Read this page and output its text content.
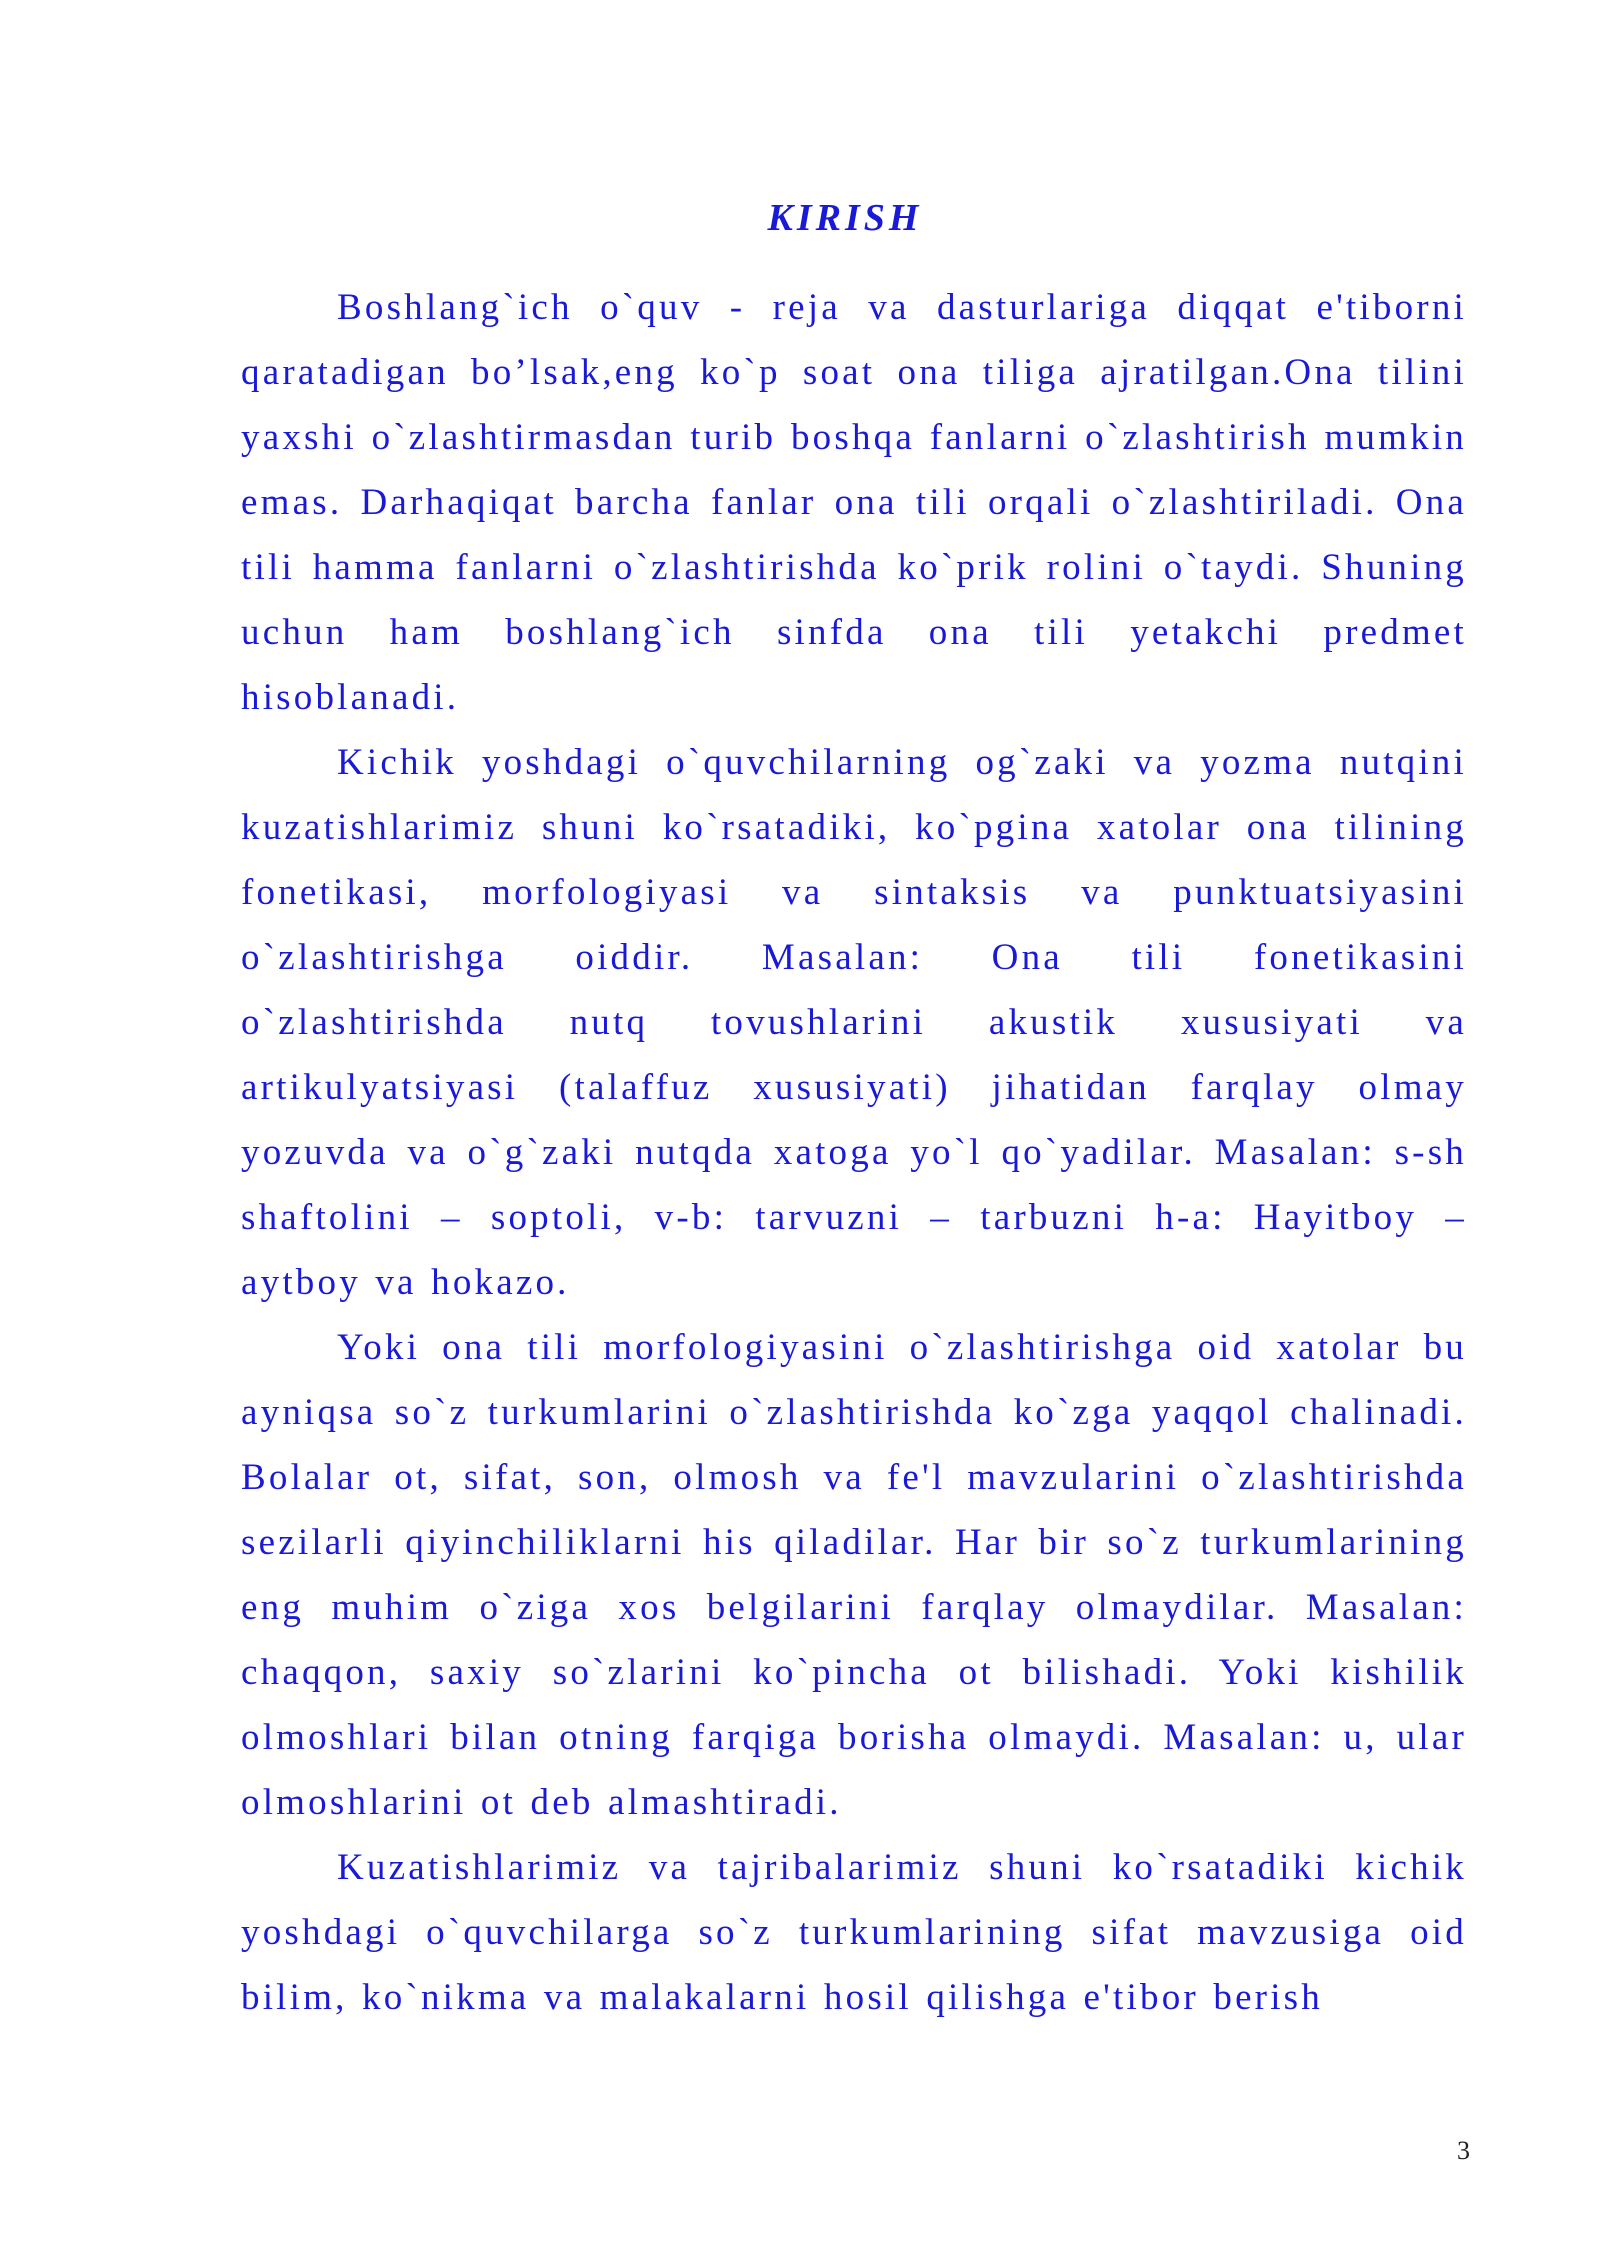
KIRISH

Boshlang`ich o`quv - reja va dasturlariga diqqat e'tiborni qaratadigan bo’lsak,eng ko`p soat ona tiliga ajratilgan.Ona tilini yaxshi o`zlashtirmasdan turib boshqa fanlarni o`zlashtirish mumkin emas. Darhaqiqat barcha fanlar ona tili orqali o`zlashtiriladi. Ona tili hamma fanlarni o`zlashtirishda ko`prik rolini o`taydi. Shuning uchun ham boshlang`ich sinfda ona tili yetakchi predmet hisoblanadi.

Kichik yoshdagi o`quvchilarning og`zaki va yozma nutqini kuzatishlarimiz shuni ko`rsatadiki, ko`pgina xatolar ona tilining fonetikasi, morfologiyasi va sintaksis va punktuatsiyasini o`zlashtirishga oiddir. Masalan: Ona tili fonetikasini o`zlashtirishda nutq tovushlarini akustik xususiyati va artikulyatsiyasi (talaffuz xususiyati) jihatidan farqlay olmay yozuvda va o`g`zaki nutqda xatoga yo`l qo`yadilar. Masalan: s-sh shaftolini – soptoli, v-b: tarvuzni – tarbuzni h-a: Hayitboy – aytboy va hokazo.

Yoki ona tili morfologiyasini o`zlashtirishga oid xatolar bu ayniqsa so`z turkumlarini o`zlashtirishda ko`zga yaqqol chalinadi. Bolalar ot, sifat, son, olmosh va fe'l mavzularini o`zlashtirishda sezilarli qiyinchiliklarni his qiladilar. Har bir so`z turkumlarining eng muhim o`ziga xos belgilarini farqlay olmaydilar. Masalan: chaqqon, saxiy so`zlarini ko`pincha ot bilishadi. Yoki kishilik olmoshlari bilan otning farqiga borisha olmaydi. Masalan: u, ular olmoshlarini ot deb almashtiradi.

Kuzatishlarimiz va tajribalarimiz shuni ko`rsatadiki kichik yoshdagi o`quvchilarga so`z turkumlarining sifat mavzusiga oid bilim, ko`nikma va malakalarni hosil qilishga e'tibor berish

3
